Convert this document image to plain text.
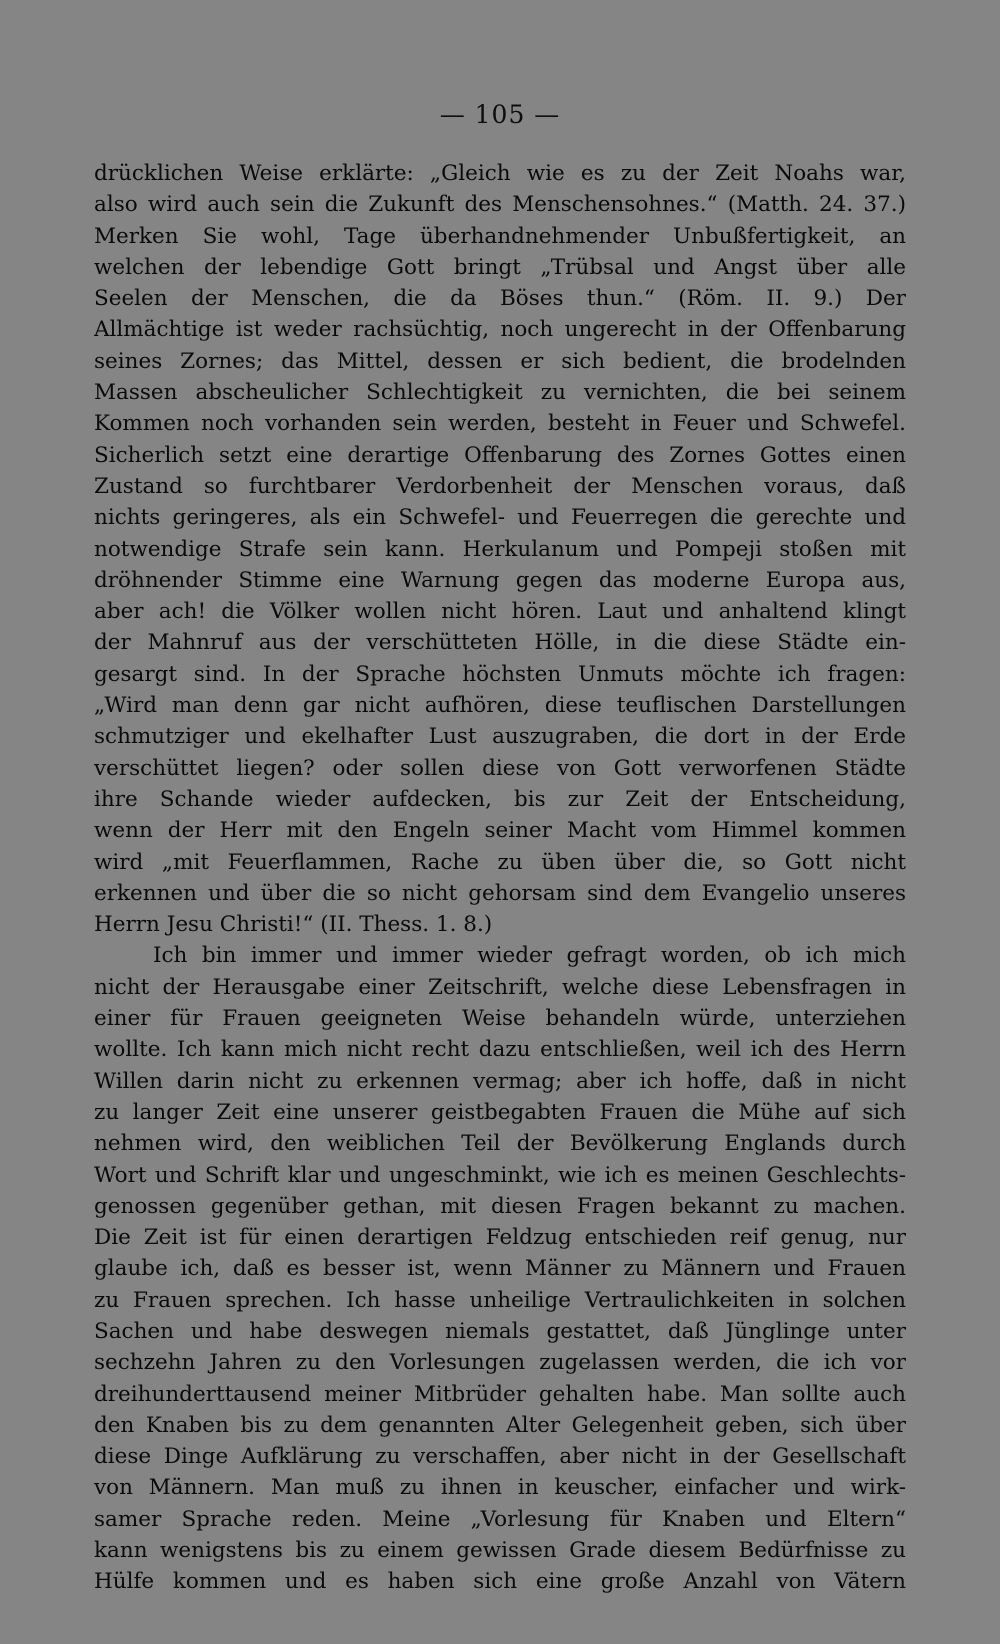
— 105 —
drücklichen Weise erklärte: „Gleich wie es zu der Zeit Noahs war,
also wird auch sein die Zukunft des Menschensohnes.“ (Matth. 24. 37.)
Merken Sie wohl, Tage überhandnehmender Unbußfertigkeit, an
welchen der lebendige Gott bringt „Trübsal und Angst über alle
Seelen der Menschen, die da Böses thun.“ (Röm. II. 9.) Der
Allmächtige ist weder rachsüchtig, noch ungerecht in der Offenbarung
seines Zornes; das Mittel, dessen er sich bedient, die brodelnden
Massen abscheulicher Schlechtigkeit zu vernichten, die bei seinem
Kommen noch vorhanden sein werden, besteht in Feuer und Schwefel.
Sicherlich setzt eine derartige Offenbarung des Zornes Gottes einen
Zustand so furchtbarer Verdorbenheit der Menschen voraus, daß
nichts geringeres, als ein Schwefel- und Feuerregen die gerechte und
notwendige Strafe sein kann. Herkulanum und Pompeji stoßen mit
dröhnender Stimme eine Warnung gegen das moderne Europa aus,
aber ach! die Völker wollen nicht hören. Laut und anhaltend klingt
der Mahnruf aus der verschütteten Hölle, in die diese Städte ein-
gesargt sind. In der Sprache höchsten Unmuts möchte ich fragen:
„Wird man denn gar nicht aufhören, diese teuflischen Darstellungen
schmutziger und ekelhafter Lust auszugraben, die dort in der Erde
verschüttet liegen? oder sollen diese von Gott verworfenen Städte
ihre Schande wieder aufdecken, bis zur Zeit der Entscheidung,
wenn der Herr mit den Engeln seiner Macht vom Himmel kommen
wird „mit Feuerflammen, Rache zu üben über die, so Gott nicht
erkennen und über die so nicht gehorsam sind dem Evangelio unseres
Herrn Jesu Christi!“ (II. Thess. 1. 8.)
Ich bin immer und immer wieder gefragt worden, ob ich mich
nicht der Herausgabe einer Zeitschrift, welche diese Lebensfragen in
einer für Frauen geeigneten Weise behandeln würde, unterziehen
wollte. Ich kann mich nicht recht dazu entschließen, weil ich des Herrn
Willen darin nicht zu erkennen vermag; aber ich hoffe, daß in nicht
zu langer Zeit eine unserer geistbegabten Frauen die Mühe auf sich
nehmen wird, den weiblichen Teil der Bevölkerung Englands durch
Wort und Schrift klar und ungeschminkt, wie ich es meinen Geschlechts-
genossen gegenüber gethan, mit diesen Fragen bekannt zu machen.
Die Zeit ist für einen derartigen Feldzug entschieden reif genug, nur
glaube ich, daß es besser ist, wenn Männer zu Männern und Frauen
zu Frauen sprechen. Ich hasse unheilige Vertraulichkeiten in solchen
Sachen und habe deswegen niemals gestattet, daß Jünglinge unter
sechzehn Jahren zu den Vorlesungen zugelassen werden, die ich vor
dreihunderttausend meiner Mitbrüder gehalten habe. Man sollte auch
den Knaben bis zu dem genannten Alter Gelegenheit geben, sich über
diese Dinge Aufklärung zu verschaffen, aber nicht in der Gesellschaft
von Männern. Man muß zu ihnen in keuscher, einfacher und wirk-
samer Sprache reden. Meine „Vorlesung für Knaben und Eltern“
kann wenigstens bis zu einem gewissen Grade diesem Bedürfnisse zu
Hülfe kommen und es haben sich eine große Anzahl von Vätern
